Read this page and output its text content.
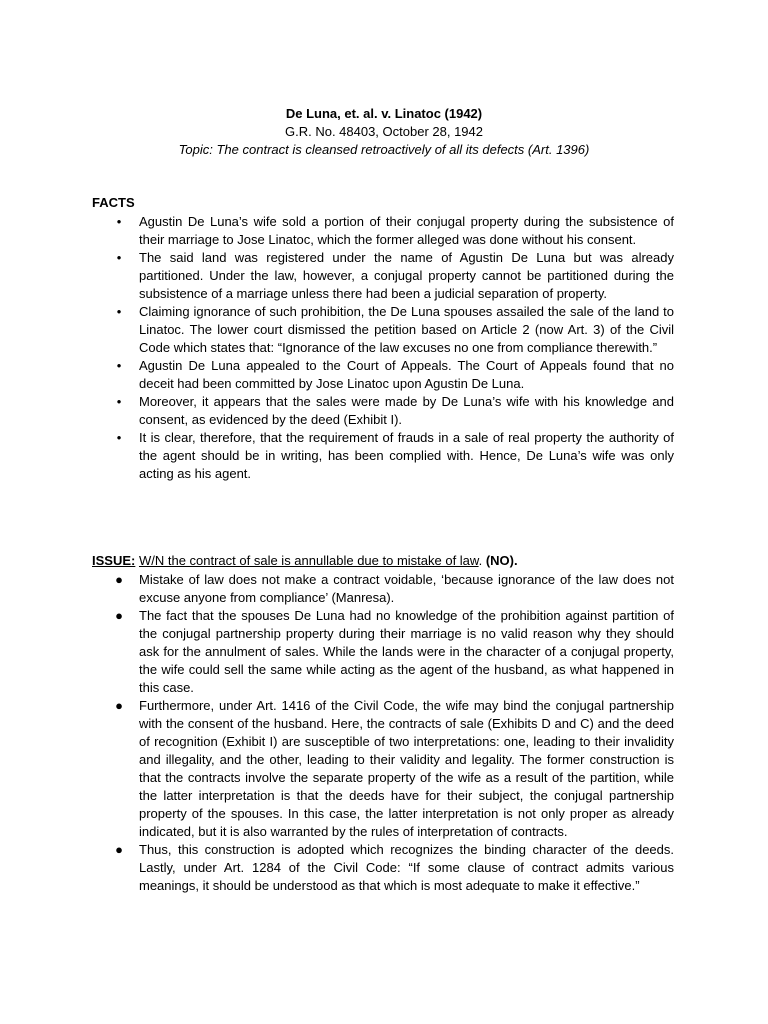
De Luna, et. al. v. Linatoc (1942)
G.R. No. 48403, October 28, 1942
Topic: The contract is cleansed retroactively of all its defects (Art. 1396)
FACTS
• Agustin De Luna’s wife sold a portion of their conjugal property during the subsistence of their marriage to Jose Linatoc, which the former alleged was done without his consent.
• The said land was registered under the name of Agustin De Luna but was already partitioned. Under the law, however, a conjugal property cannot be partitioned during the subsistence of a marriage unless there had been a judicial separation of property.
• Claiming ignorance of such prohibition, the De Luna spouses assailed the sale of the land to Linatoc. The lower court dismissed the petition based on Article 2 (now Art. 3) of the Civil Code which states that: “Ignorance of the law excuses no one from compliance therewith.”
• Agustin De Luna appealed to the Court of Appeals. The Court of Appeals found that no deceit had been committed by Jose Linatoc upon Agustin De Luna.
• Moreover, it appears that the sales were made by De Luna’s wife with his knowledge and consent, as evidenced by the deed (Exhibit I).
• It is clear, therefore, that the requirement of frauds in a sale of real property the authority of the agent should be in writing, has been complied with. Hence, De Luna’s wife was only acting as his agent.
ISSUE: W/N the contract of sale is annullable due to mistake of law. (NO).
● Mistake of law does not make a contract voidable, ‘because ignorance of the law does not excuse anyone from compliance’ (Manresa).
● The fact that the spouses De Luna had no knowledge of the prohibition against partition of the conjugal partnership property during their marriage is no valid reason why they should ask for the annulment of sales. While the lands were in the character of a conjugal property, the wife could sell the same while acting as the agent of the husband, as what happened in this case.
● Furthermore, under Art. 1416 of the Civil Code, the wife may bind the conjugal partnership with the consent of the husband. Here, the contracts of sale (Exhibits D and C) and the deed of recognition (Exhibit I) are susceptible of two interpretations: one, leading to their invalidity and illegality, and the other, leading to their validity and legality. The former construction is that the contracts involve the separate property of the wife as a result of the partition, while the latter interpretation is that the deeds have for their subject, the conjugal partnership property of the spouses. In this case, the latter interpretation is not only proper as already indicated, but it is also warranted by the rules of interpretation of contracts.
● Thus, this construction is adopted which recognizes the binding character of the deeds. Lastly, under Art. 1284 of the Civil Code: “If some clause of contract admits various meanings, it should be understood as that which is most adequate to make it effective.”
